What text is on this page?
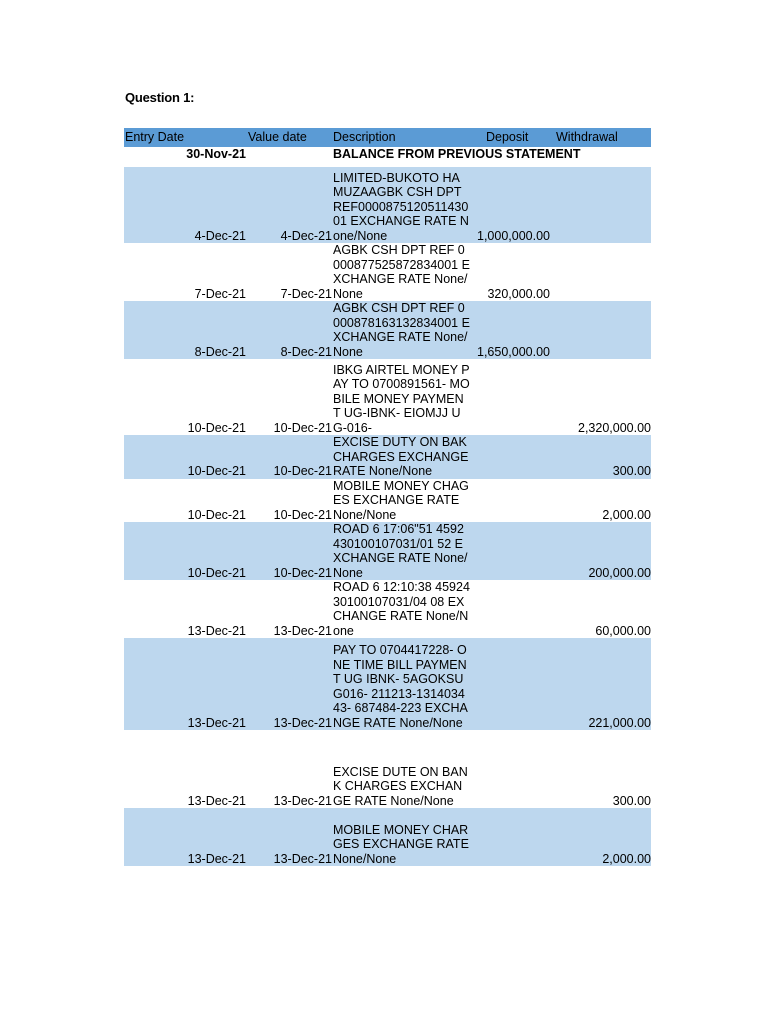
Question 1:
Entry Date	Value date	Description	Deposit	Withdrawal
30-Nov-21		BALANCE FROM PREVIOUS STATEMENT		
4-Dec-21	4-Dec-21	LIMITED-BUKOTO HAMUZAAGBK CSH DPT REF000087512051143001 EXCHANGE RATE None/None	1,000,000.00	
7-Dec-21	7-Dec-21	AGBK CSH DPT REF 0000877525872834001 EXCHANGE RATE None/None	320,000.00	
8-Dec-21	8-Dec-21	AGBK CSH DPT REF 0000878163132834001 EXCHANGE RATE None/None	1,650,000.00	
10-Dec-21	10-Dec-21	IBKG AIRTEL MONEY PAY TO 0700891561- MOBILE MONEY PAYMENT UG-IBNK- EIOMJJ UG-016-		2,320,000.00
10-Dec-21	10-Dec-21	EXCISE DUTY ON BAK CHARGES EXCHANGE RATE None/None		300.00
10-Dec-21	10-Dec-21	MOBILE MONEY CHAGES EXCHANGE RATE None/None		2,000.00
10-Dec-21	10-Dec-21	ROAD 6 17:06"51 4592430100107031/01 52 EXCHANGE RATE None/None		200,000.00
13-Dec-21	13-Dec-21	ROAD 6 12:10:38 4592430100107031/04 08 EXCHANGE RATE None/None		60,000.00
13-Dec-21	13-Dec-21	PAY TO 0704417228- ONE TIME BILL PAYMENT UG IBNK- 5AGOKSUG016- 211213-131403443- 687484-223 EXCHANGE RATE None/None		221,000.00
13-Dec-21	13-Dec-21	EXCISE DUTE ON BANK CHARGES EXCHANGE RATE None/None		300.00
13-Dec-21	13-Dec-21	MOBILE MONEY CHARGES EXCHANGE RATE None/None		2,000.00
